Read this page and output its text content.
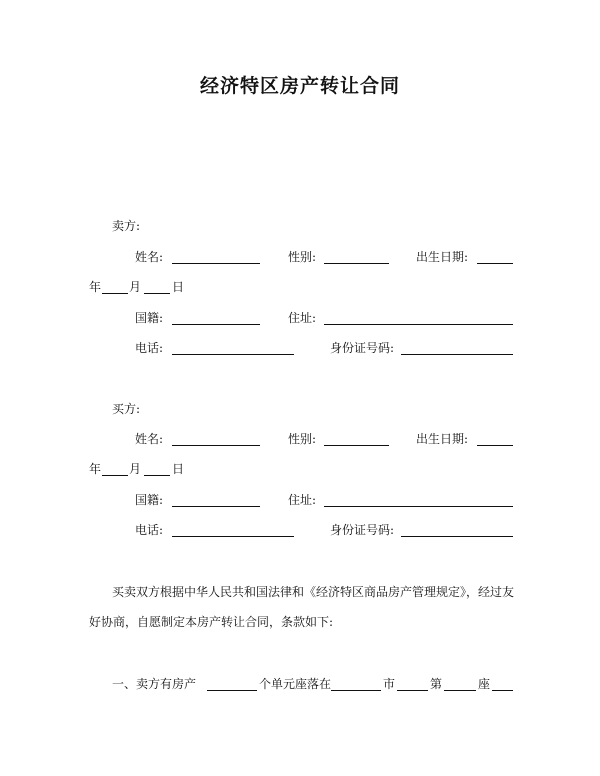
经济特区房产转让合同
卖方:
姓名:	性别:	出生日期:
年 月	日
国籍:	住址:
电话:	身份证号码:
买方:
姓名:	性别:	出生日期:
年 月	日
国籍:	住址:
电话:	身份证号码:
买卖双方根据中华人民共和国法律和《经济特区商品房产管理规定》，经过友
好协商，自愿制定本房产转让合同，条款如下:
一、卖方有房产	个单元座落在	市	第	座
